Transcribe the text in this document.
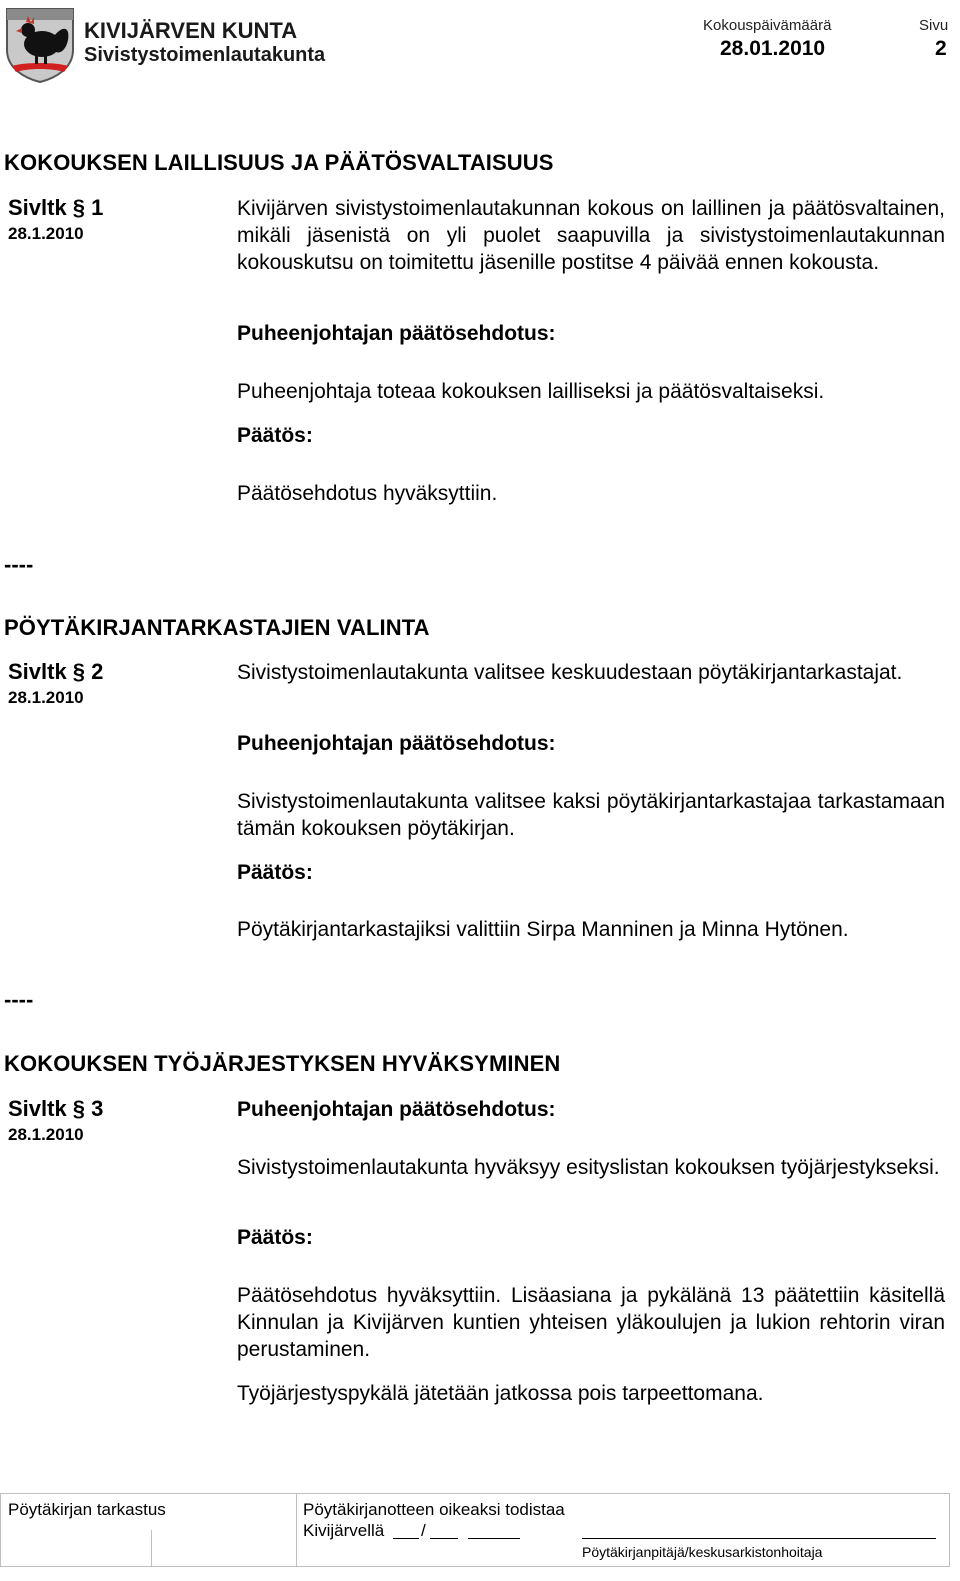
KIVIJÄRVEN KUNTA
Sivistystoimenlautakunta
Kokouspäivämäärä
28.01.2010
Sivu
2
KOKOUKSEN LAILLISUUS JA PÄÄTÖSVALTAISUUS
Sivltk § 1
28.1.2010
Kivijärven sivistystoimenlautakunnan kokous on laillinen ja päätösvaltainen, mikäli jäsenistä on yli puolet saapuvilla ja sivistystoimenlautakunnan kokouskutsu on toimitettu jäsenille postitse 4 päivää ennen kokousta.
Puheenjohtajan päätösehdotus:
Puheenjohtaja toteaa kokouksen lailliseksi ja päätösvaltaiseksi.
Päätös:
Päätösehdotus hyväksyttiin.
----
PÖYTÄKIRJANTARKASTAJIEN VALINTA
Sivltk § 2
28.1.2010
Sivistystoimenlautakunta valitsee keskuudestaan pöytäkirjantarkastajat.
Puheenjohtajan päätösehdotus:
Sivistystoimenlautakunta valitsee kaksi pöytäkirjantarkastajaa tarkastamaan tämän kokouksen pöytäkirjan.
Päätös:
Pöytäkirjantarkastajiksi valittiin Sirpa Manninen ja Minna Hytönen.
----
KOKOUKSEN TYÖJÄRJESTYKSEN HYVÄKSYMINEN
Sivltk § 3
28.1.2010
Puheenjohtajan päätösehdotus:
Sivistystoimenlautakunta hyväksyy esityslistan kokouksen työjärjestykseksi.
Päätös:
Päätösehdotus hyväksyttiin. Lisäasiana ja pykälänä 13 päätettiin käsitellä Kinnulan ja Kivijärven kuntien yhteisen yläkoulujen ja lukion rehtorin viran perustaminen.
Työjärjestyspykälä jätetään jatkossa pois tarpeettomana.
Pöytäkirjan tarkastus	Pöytäkirjanotteen oikeaksi todistaa
Kivijärvellä /
Pöytäkirjanpitäjä/keskusarkistonhoitaja
